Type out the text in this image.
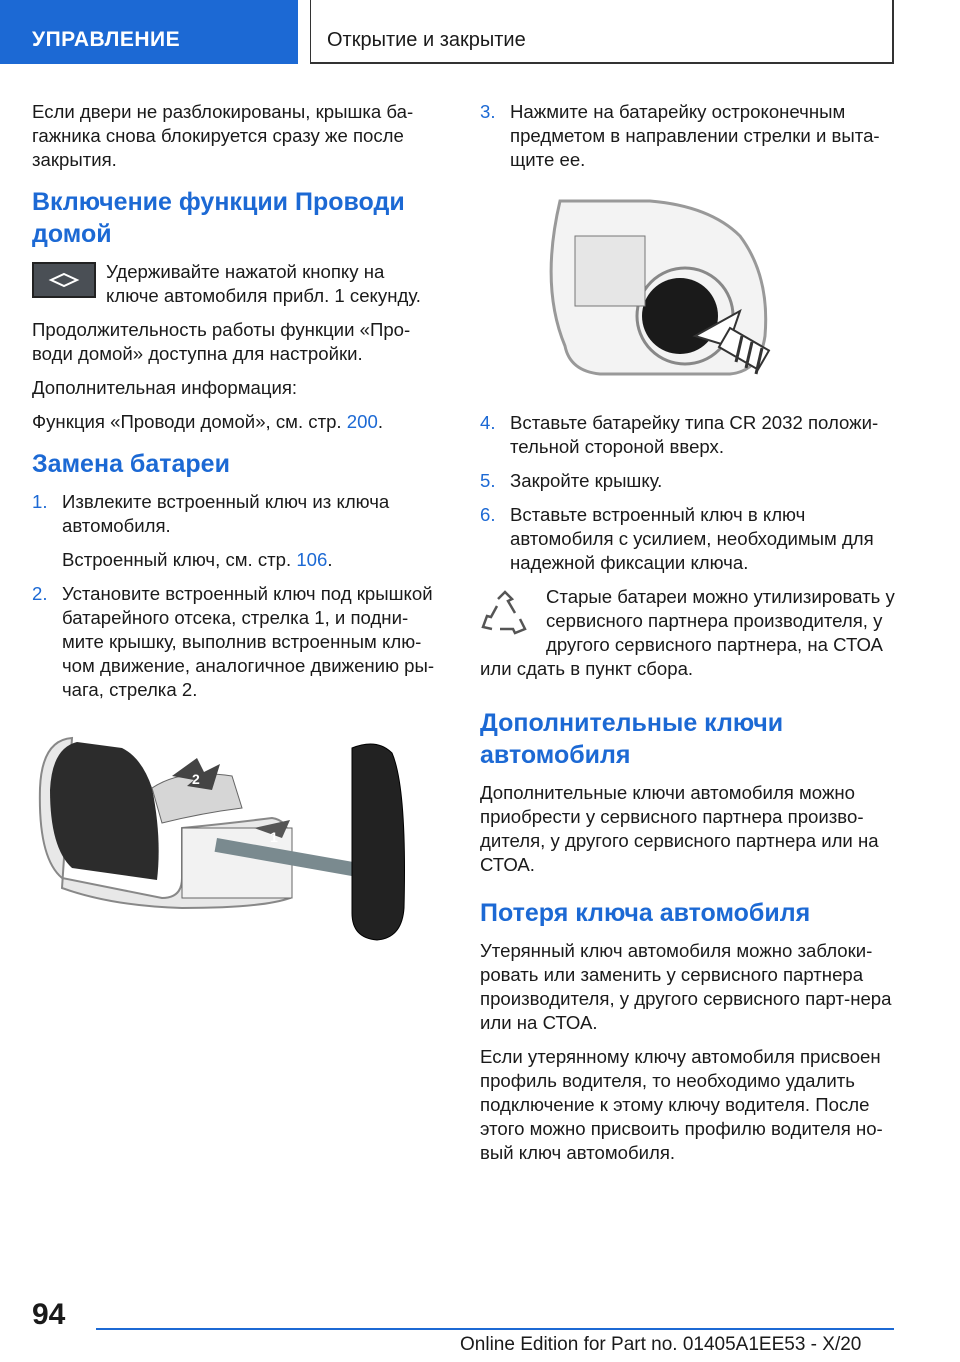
УПРАВЛЕНИЕ	Открытие и закрытие

Если двери не разблокированы, крышка ба-гажника снова блокируется сразу же после закрытия.

Включение функции Проводи домой

Удерживайте нажатой кнопку на ключе автомобиля прибл. 1 секунду.

Продолжительность работы функции «Про-води домой» доступна для настройки.

Дополнительная информация:

Функция «Проводи домой», см. стр. 200.

Замена батареи
1. Извлеките встроенный ключ из ключа автомобиля.
Встроенный ключ, см. стр. 106.
2. Установите встроенный ключ под крышкой батарейного отсека, стрелка 1, и подни-мите крышку, выполнив встроенным клю-чом движение, аналогичное движению ры-чага, стрелка 2.
2
1
3. Нажмите на батарейку остроконечным предметом в направлении стрелки и выта-щите ее.
4. Вставьте батарейку типа CR 2032 положи-тельной стороной вверх.
5. Закройте крышку.
6. Вставьте встроенный ключ в ключ автомобиля с усилием, необходимым для надежной фиксации ключа.

Старые батареи можно утилизировать у сервисного партнера производителя, у другого сервисного партнера, на СТОА или сдать в пункт сбора.

Дополнительные ключи автомобиля

Дополнительные ключи автомобиля можно приобрести у сервисного партнера произво-дителя, у другого сервисного партнера или на СТОА.

Потеря ключа автомобиля

Утерянный ключ автомобиля можно заблоки-ровать или заменить у сервисного партнера производителя, у другого сервисного парт-нера или на СТОА.

Если утерянному ключу автомобиля присвоен профиль водителя, то необходимо удалить подключение к этому ключу водителя. После этого можно присвоить профилю водителя но-вый ключ автомобиля.

94
Online Edition for Part no. 01405A1EE53 - X/20
